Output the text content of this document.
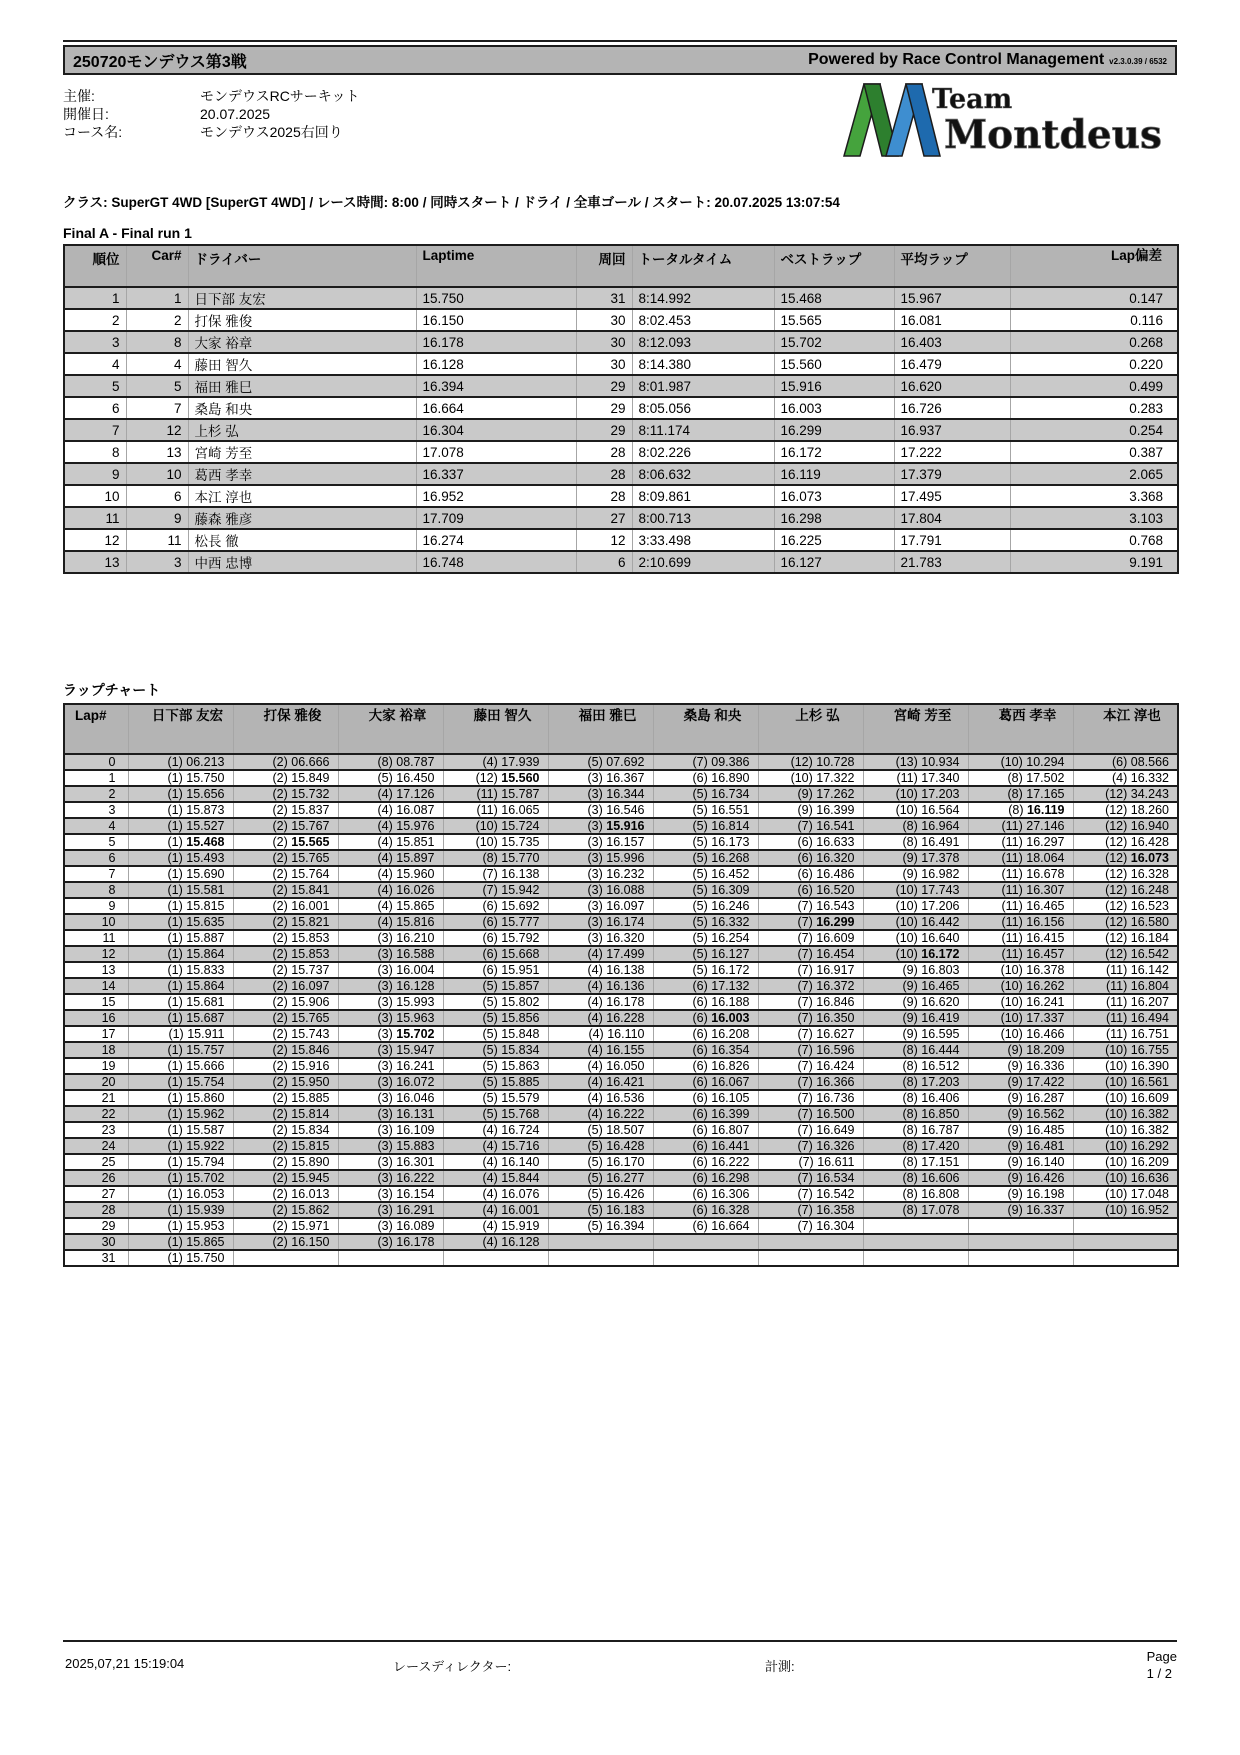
250720モンデウス第3戦	Powered by Race Control Management v2.3.0.39 / 6532
主催:	モンデウスRCサーキット
開催日:	20.07.2025
コース名:	モンデウス2025右回り
クラス: SuperGT 4WD [SuperGT 4WD] / レース時間: 8:00 / 同時スタート / ドライ / 全車ゴール / スタート: 20.07.2025 13:07:54
Final A - Final run 1
順位	Car#	ドライバー	Laptime	周回	トータルタイム	ベストラップ	平均ラップ	Lap偏差
1	1	日下部 友宏	15.750	31	8:14.992	15.468	15.967	0.147
2	2	打保 雅俊	16.150	30	8:02.453	15.565	16.081	0.116
3	8	大家 裕章	16.178	30	8:12.093	15.702	16.403	0.268
4	4	藤田 智久	16.128	30	8:14.380	15.560	16.479	0.220
5	5	福田 雅巳	16.394	29	8:01.987	15.916	16.620	0.499
6	7	桑島 和央	16.664	29	8:05.056	16.003	16.726	0.283
7	12	上杉 弘	16.304	29	8:11.174	16.299	16.937	0.254
8	13	宮崎 芳至	17.078	28	8:02.226	16.172	17.222	0.387
9	10	葛西 孝幸	16.337	28	8:06.632	16.119	17.379	2.065
10	6	本江 淳也	16.952	28	8:09.861	16.073	17.495	3.368
11	9	藤森 雅彦	17.709	27	8:00.713	16.298	17.804	3.103
12	11	松長 徹	16.274	12	3:33.498	16.225	17.791	0.768
13	3	中西 忠博	16.748	6	2:10.699	16.127	21.783	9.191
ラップチャート
Lap#	日下部 友宏	打保 雅俊	大家 裕章	藤田 智久	福田 雅巳	桑島 和央	上杉 弘	宮崎 芳至	葛西 孝幸	本江 淳也
0	(1) 06.213	(2) 06.666	(8) 08.787	(4) 17.939	(5) 07.692	(7) 09.386	(12) 10.728	(13) 10.934	(10) 10.294	(6) 08.566
1	(1) 15.750	(2) 15.849	(5) 16.450	(12) 15.560	(3) 16.367	(6) 16.890	(10) 17.322	(11) 17.340	(8) 17.502	(4) 16.332
2	(1) 15.656	(2) 15.732	(4) 17.126	(11) 15.787	(3) 16.344	(5) 16.734	(9) 17.262	(10) 17.203	(8) 17.165	(12) 34.243
3	(1) 15.873	(2) 15.837	(4) 16.087	(11) 16.065	(3) 16.546	(5) 16.551	(9) 16.399	(10) 16.564	(8) 16.119	(12) 18.260
4	(1) 15.527	(2) 15.767	(4) 15.976	(10) 15.724	(3) 15.916	(5) 16.814	(7) 16.541	(8) 16.964	(11) 27.146	(12) 16.940
5	(1) 15.468	(2) 15.565	(4) 15.851	(10) 15.735	(3) 16.157	(5) 16.173	(6) 16.633	(8) 16.491	(11) 16.297	(12) 16.428
6	(1) 15.493	(2) 15.765	(4) 15.897	(8) 15.770	(3) 15.996	(5) 16.268	(6) 16.320	(9) 17.378	(11) 18.064	(12) 16.073
7	(1) 15.690	(2) 15.764	(4) 15.960	(7) 16.138	(3) 16.232	(5) 16.452	(6) 16.486	(9) 16.982	(11) 16.678	(12) 16.328
8	(1) 15.581	(2) 15.841	(4) 16.026	(7) 15.942	(3) 16.088	(5) 16.309	(6) 16.520	(10) 17.743	(11) 16.307	(12) 16.248
9	(1) 15.815	(2) 16.001	(4) 15.865	(6) 15.692	(3) 16.097	(5) 16.246	(7) 16.543	(10) 17.206	(11) 16.465	(12) 16.523
10	(1) 15.635	(2) 15.821	(4) 15.816	(6) 15.777	(3) 16.174	(5) 16.332	(7) 16.299	(10) 16.442	(11) 16.156	(12) 16.580
11	(1) 15.887	(2) 15.853	(3) 16.210	(6) 15.792	(3) 16.320	(5) 16.254	(7) 16.609	(10) 16.640	(11) 16.415	(12) 16.184
12	(1) 15.864	(2) 15.853	(3) 16.588	(6) 15.668	(4) 17.499	(5) 16.127	(7) 16.454	(10) 16.172	(11) 16.457	(12) 16.542
13	(1) 15.833	(2) 15.737	(3) 16.004	(6) 15.951	(4) 16.138	(5) 16.172	(7) 16.917	(9) 16.803	(10) 16.378	(11) 16.142
14	(1) 15.864	(2) 16.097	(3) 16.128	(5) 15.857	(4) 16.136	(6) 17.132	(7) 16.372	(9) 16.465	(10) 16.262	(11) 16.804
15	(1) 15.681	(2) 15.906	(3) 15.993	(5) 15.802	(4) 16.178	(6) 16.188	(7) 16.846	(9) 16.620	(10) 16.241	(11) 16.207
16	(1) 15.687	(2) 15.765	(3) 15.963	(5) 15.856	(4) 16.228	(6) 16.003	(7) 16.350	(9) 16.419	(10) 17.337	(11) 16.494
17	(1) 15.911	(2) 15.743	(3) 15.702	(5) 15.848	(4) 16.110	(6) 16.208	(7) 16.627	(9) 16.595	(10) 16.466	(11) 16.751
18	(1) 15.757	(2) 15.846	(3) 15.947	(5) 15.834	(4) 16.155	(6) 16.354	(7) 16.596	(8) 16.444	(9) 18.209	(10) 16.755
19	(1) 15.666	(2) 15.916	(3) 16.241	(5) 15.863	(4) 16.050	(6) 16.826	(7) 16.424	(8) 16.512	(9) 16.336	(10) 16.390
20	(1) 15.754	(2) 15.950	(3) 16.072	(5) 15.885	(4) 16.421	(6) 16.067	(7) 16.366	(8) 17.203	(9) 17.422	(10) 16.561
21	(1) 15.860	(2) 15.885	(3) 16.046	(5) 15.579	(4) 16.536	(6) 16.105	(7) 16.736	(8) 16.406	(9) 16.287	(10) 16.609
22	(1) 15.962	(2) 15.814	(3) 16.131	(5) 15.768	(4) 16.222	(6) 16.399	(7) 16.500	(8) 16.850	(9) 16.562	(10) 16.382
23	(1) 15.587	(2) 15.834	(3) 16.109	(4) 16.724	(5) 18.507	(6) 16.807	(7) 16.649	(8) 16.787	(9) 16.485	(10) 16.382
24	(1) 15.922	(2) 15.815	(3) 15.883	(4) 15.716	(5) 16.428	(6) 16.441	(7) 16.326	(8) 17.420	(9) 16.481	(10) 16.292
25	(1) 15.794	(2) 15.890	(3) 16.301	(4) 16.140	(5) 16.170	(6) 16.222	(7) 16.611	(8) 17.151	(9) 16.140	(10) 16.209
26	(1) 15.702	(2) 15.945	(3) 16.222	(4) 15.844	(5) 16.277	(6) 16.298	(7) 16.534	(8) 16.606	(9) 16.426	(10) 16.636
27	(1) 16.053	(2) 16.013	(3) 16.154	(4) 16.076	(5) 16.426	(6) 16.306	(7) 16.542	(8) 16.808	(9) 16.198	(10) 17.048
28	(1) 15.939	(2) 15.862	(3) 16.291	(4) 16.001	(5) 16.183	(6) 16.328	(7) 16.358	(8) 17.078	(9) 16.337	(10) 16.952
29	(1) 15.953	(2) 15.971	(3) 16.089	(4) 15.919	(5) 16.394	(6) 16.664	(7) 16.304			
30	(1) 15.865	(2) 16.150	(3) 16.178	(4) 16.128						
31	(1) 15.750									
Team
Montdeus
2025,07,21 15:19:04	レースディレクター:	計測:
Page
1 / 2
